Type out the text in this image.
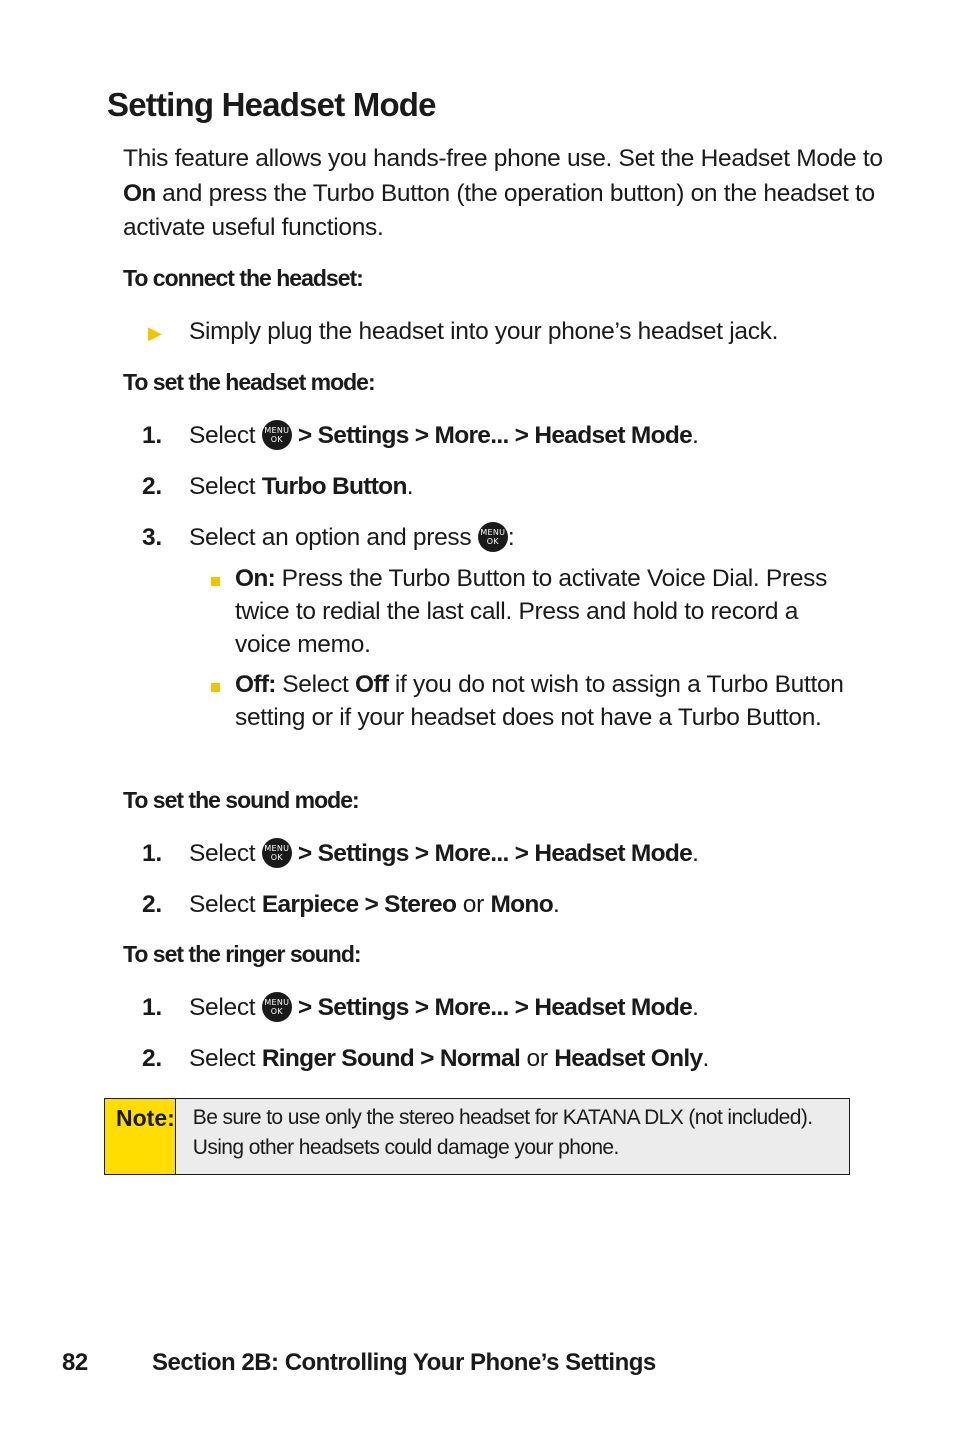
Setting Headset Mode
This feature allows you hands-free phone use. Set the Headset Mode to On and press the Turbo Button (the operation button) on the headset to activate useful functions.
To connect the headset:
▶ Simply plug the headset into your phone’s headset jack.
To set the headset mode:
1. Select MENU
OK > Settings > More... > Headset Mode.
2. Select Turbo Button.
3. Select an option and press MENU
OK :
On: Press the Turbo Button to activate Voice Dial. Press twice to redial the last call. Press and hold to record a voice memo.
Off: Select Off if you do not wish to assign a Turbo Button setting or if your headset does not have a Turbo Button.
To set the sound mode:
1. Select MENU
OK > Settings > More... > Headset Mode.
2. Select Earpiece > Stereo or Mono.
To set the ringer sound:
1. Select MENU
OK > Settings > More... > Headset Mode.
2. Select Ringer Sound > Normal or Headset Only.
Note: Be sure to use only the stereo headset for KATANA DLX (not included). Using other headsets could damage your phone.
82	Section 2B: Controlling Your Phone’s Settings
